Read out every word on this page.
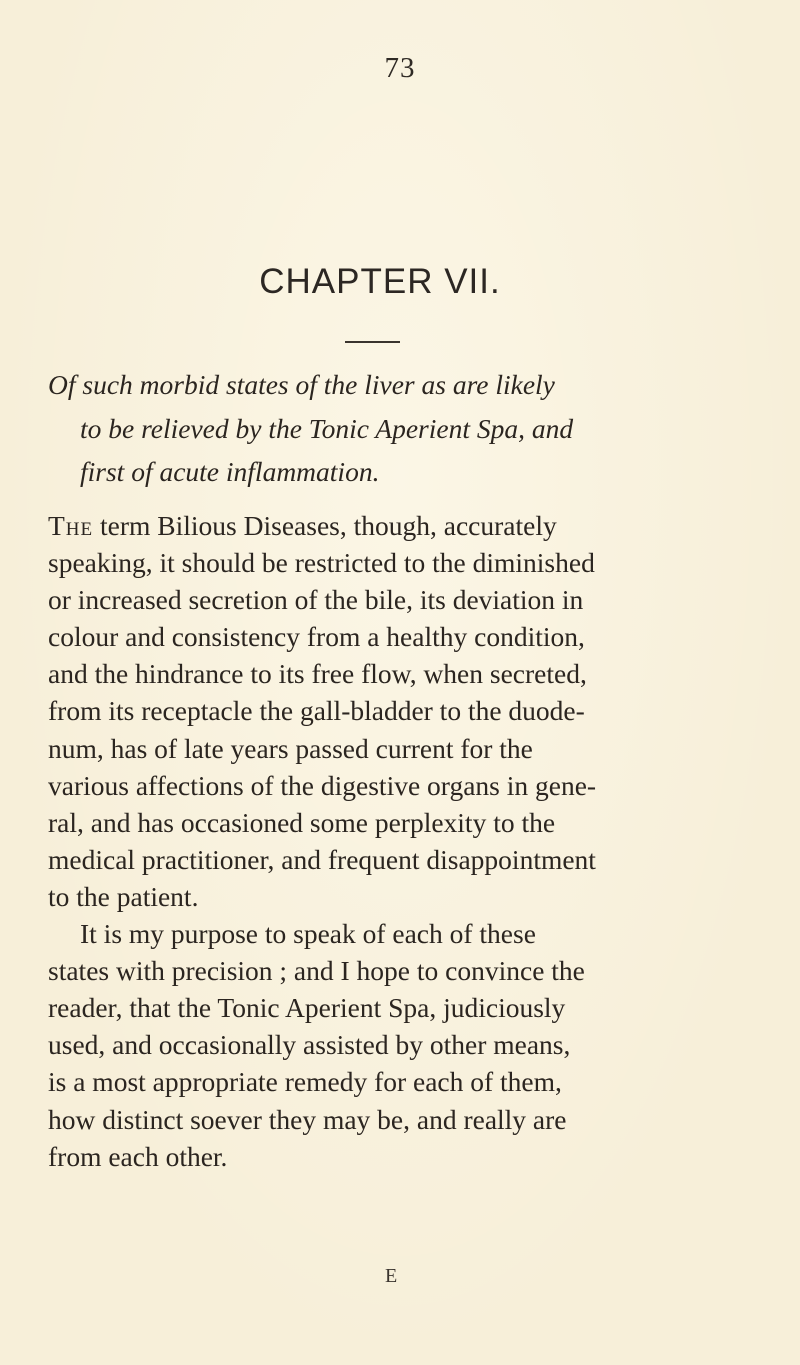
73
CHAPTER VII.
Of such morbid states of the liver as are likely
to be relieved by the Tonic Aperient Spa, and
first of acute inflammation.
The term Bilious Diseases, though, accurately
speaking, it should be restricted to the diminished
or increased secretion of the bile, its deviation in
colour and consistency from a healthy condition,
and the hindrance to its free flow, when secreted,
from its receptacle the gall-bladder to the duode-
num, has of late years passed current for the
various affections of the digestive organs in gene-
ral, and has occasioned some perplexity to the
medical practitioner, and frequent disappointment
to the patient.
It is my purpose to speak of each of these
states with precision ; and I hope to convince the
reader, that the Tonic Aperient Spa, judiciously
used, and occasionally assisted by other means,
is a most appropriate remedy for each of them,
how distinct soever they may be, and really are
from each other.
E
